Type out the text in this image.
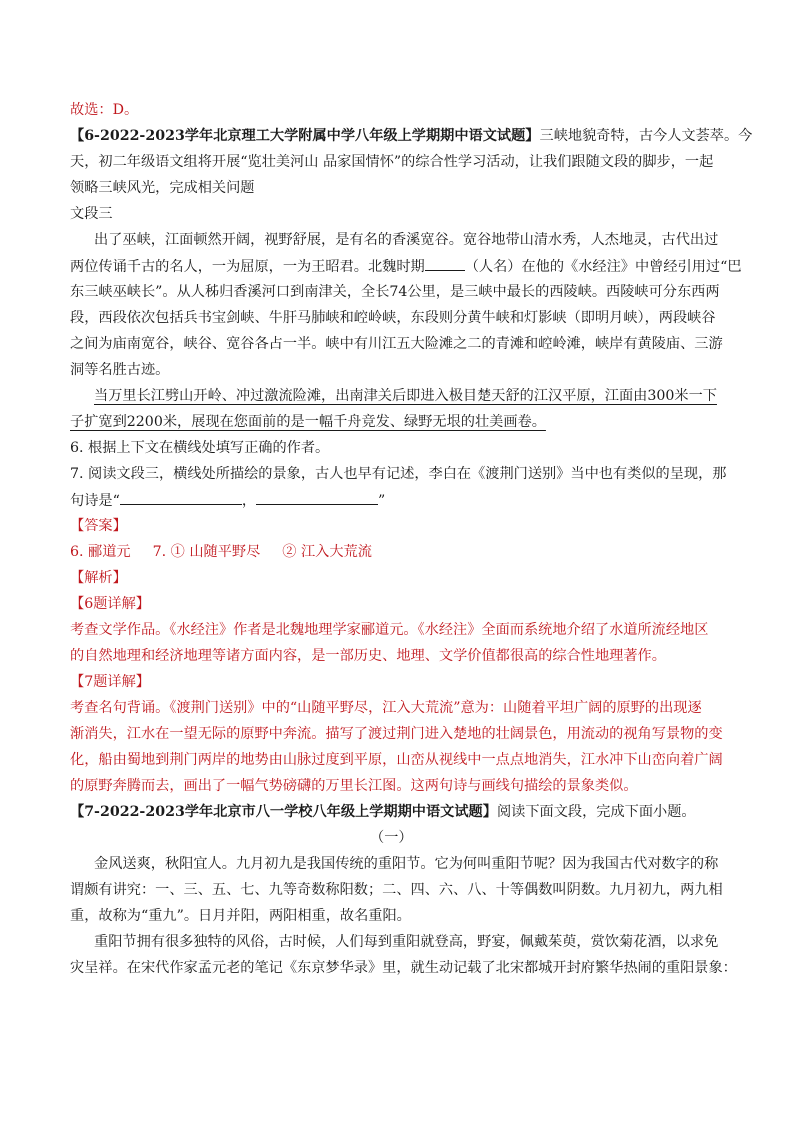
故选：D。
【6-2022-2023学年北京理工大学附属中学八年级上学期期中语文试题】三峡地貌奇特，古今人文荟萃。今
天，初二年级语文组将开展“览壮美河山 品家国情怀”的综合性学习活动，让我们跟随文段的脚步，一起
领略三峡风光，完成相关问题
文段三
出了巫峡，江面顿然开阔，视野舒展，是有名的香溪宽谷。宽谷地带山清水秀，人杰地灵，古代出过
两位传诵千古的名人，一为屈原，一为王昭君。北魏时期	（人名）在他的《水经注》中曾经引用过“巴
东三峡巫峡长”。从人秭归香溪河口到南津关，全长74公里，是三峡中最长的西陵峡。西陵峡可分东西两
段，西段依次包括兵书宝剑峡、牛肝马肺峡和崆岭峡，东段则分黄牛峡和灯影峡（即明月峡），两段峡谷
之间为庙南宽谷，峡谷、宽谷各占一半。峡中有川江五大险滩之二的青滩和崆岭滩，峡岸有黄陵庙、三游
洞等名胜古迹。
当万里长江劈山开岭、冲过激流险滩，出南津关后即进入极目楚天舒的江汉平原，江面由300米一下
子扩宽到2200米，展现在您面前的是一幅千舟竞发、绿野无垠的壮美画卷。
6. 根据上下文在横线处填写正确的作者。
7. 阅读文段三，横线处所描绘的景象，古人也早有记述，李白在《渡荆门送别》当中也有类似的呈现，那
句诗是“	，	”
【答案】
6. 郦道元 7. ① 山随平野尽 ② 江入大荒流
【解析】
【6题详解】
考查文学作品。《水经注》作者是北魏地理学家郦道元。《水经注》全面而系统地介绍了水道所流经地区
的自然地理和经济地理等诸方面内容，是一部历史、地理、文学价值都很高的综合性地理著作。
【7题详解】
考查名句背诵。《渡荆门送别》中的“山随平野尽，江入大荒流”意为：山随着平坦广阔的原野的出现逐
渐消失，江水在一望无际的原野中奔流。描写了渡过荆门进入楚地的壮阔景色，用流动的视角写景物的变
化，船由蜀地到荆门两岸的地势由山脉过度到平原，山峦从视线中一点点地消失，江水冲下山峦向着广阔
的原野奔腾而去，画出了一幅气势磅礴的万里长江图。这两句诗与画线句描绘的景象类似。
【7-2022-2023学年北京市八一学校八年级上学期期中语文试题】阅读下面文段，完成下面小题。
（一）
金风送爽，秋阳宜人。九月初九是我国传统的重阳节。它为何叫重阳节呢？因为我国古代对数字的称
谓颇有讲究：一、三、五、七、九等奇数称阳数；二、四、六、八、十等偶数叫阴数。九月初九，两九相
重，故称为“重九”。日月并阳，两阳相重，故名重阳。
重阳节拥有很多独特的风俗，古时候，人们每到重阳就登高，野宴，佩戴茱萸，赏饮菊花酒，以求免
灾呈祥。在宋代作家孟元老的笔记《东京梦华录》里，就生动记载了北宋都城开封府繁华热闹的重阳景象：
